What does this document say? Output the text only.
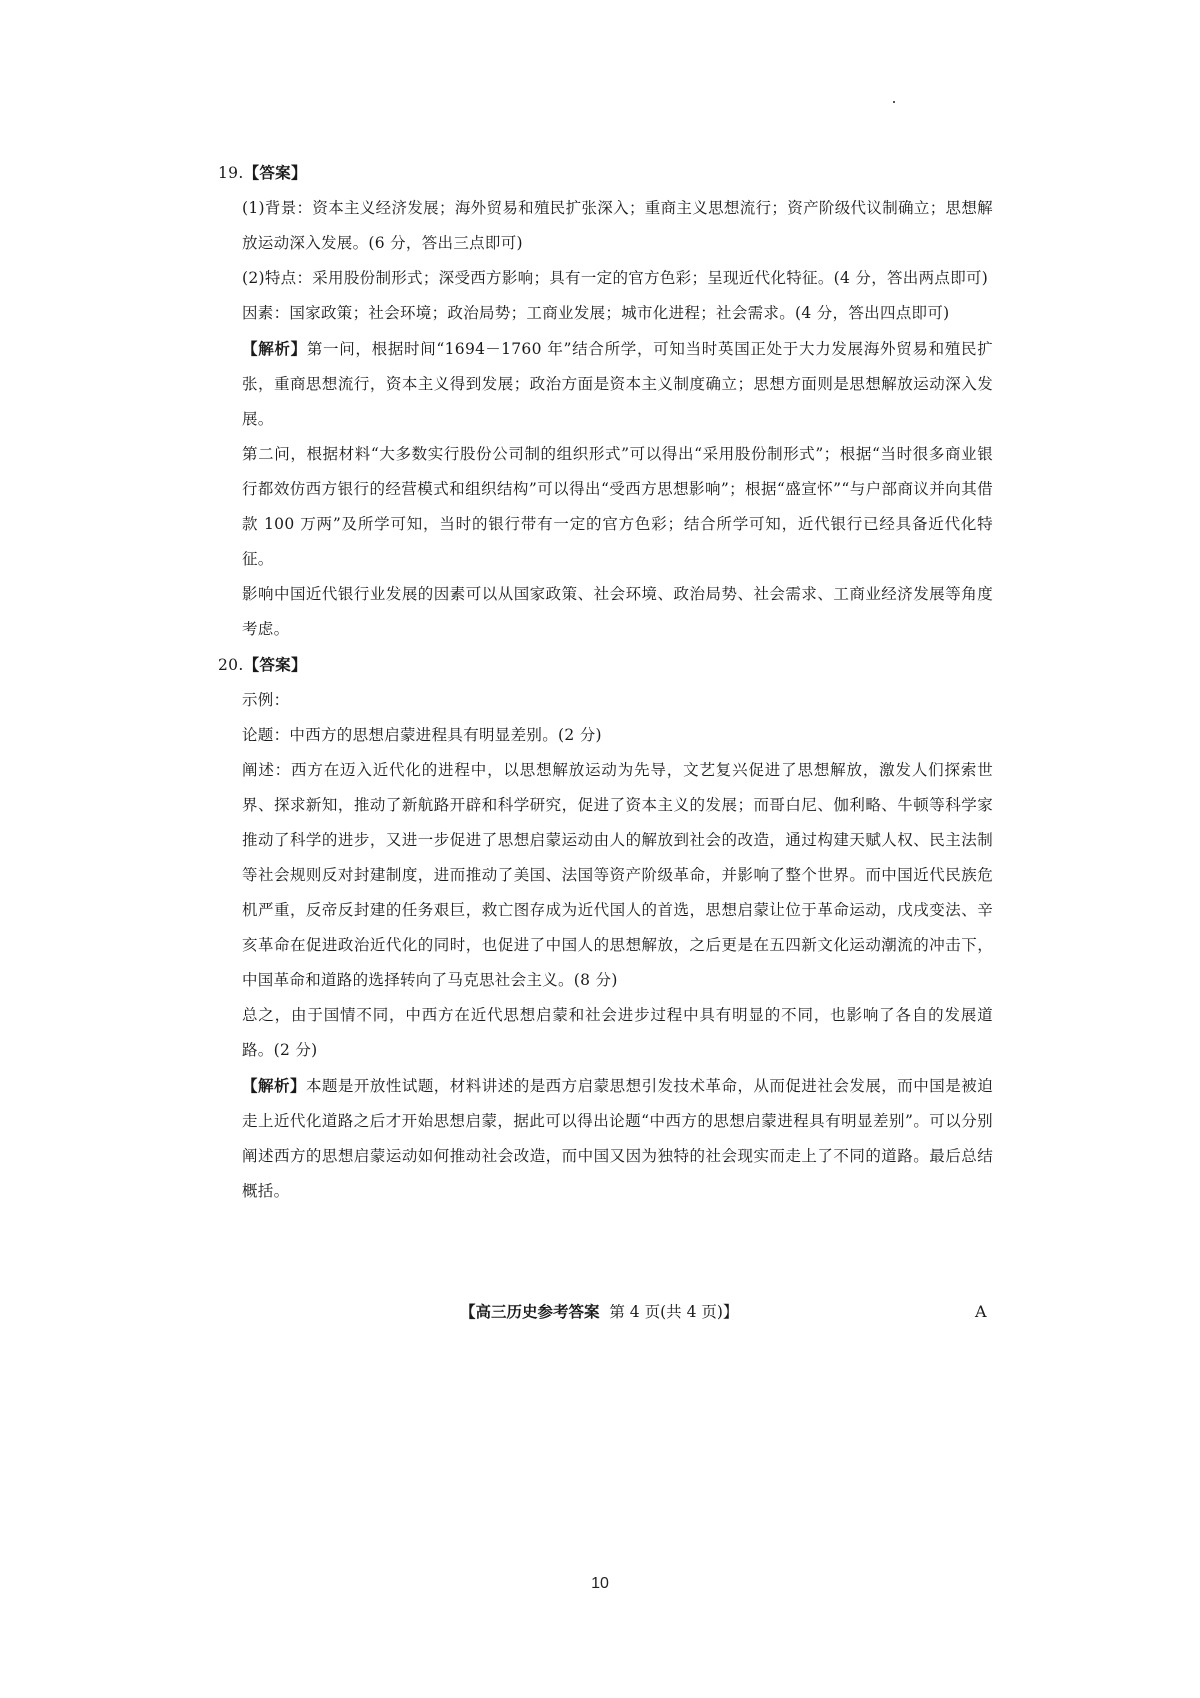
19.【答案】

(1)背景：资本主义经济发展；海外贸易和殖民扩张深入；重商主义思想流行；资产阶级代议制确立；思想解放运动深入发展。(6 分，答出三点即可)

(2)特点：采用股份制形式；深受西方影响；具有一定的官方色彩；呈现近代化特征。(4 分，答出两点即可)

因素：国家政策；社会环境；政治局势；工商业发展；城市化进程；社会需求。(4 分，答出四点即可)

【解析】第一问，根据时间“1694－1760 年”结合所学，可知当时英国正处于大力发展海外贸易和殖民扩张，重商思想流行，资本主义得到发展；政治方面是资本主义制度确立；思想方面则是思想解放运动深入发展。

第二问，根据材料“大多数实行股份公司制的组织形式”可以得出“采用股份制形式”；根据“当时很多商业银行都效仿西方银行的经营模式和组织结构”可以得出“受西方思想影响”；根据“盛宣怀”“与户部商议并向其借款 100 万两”及所学可知，当时的银行带有一定的官方色彩；结合所学可知，近代银行已经具备近代化特征。

影响中国近代银行业发展的因素可以从国家政策、社会环境、政治局势、社会需求、工商业经济发展等角度考虑。

20.【答案】

示例：

论题：中西方的思想启蒙进程具有明显差别。(2 分)

阐述：西方在迈入近代化的进程中，以思想解放运动为先导，文艺复兴促进了思想解放，激发人们探索世界、探求新知，推动了新航路开辟和科学研究，促进了资本主义的发展；而哥白尼、伽利略、牛顿等科学家推动了科学的进步，又进一步促进了思想启蒙运动由人的解放到社会的改造，通过构建天赋人权、民主法制等社会规则反对封建制度，进而推动了美国、法国等资产阶级革命，并影响了整个世界。而中国近代民族危机严重，反帝反封建的任务艰巨，救亡图存成为近代国人的首选，思想启蒙让位于革命运动，戊戌变法、辛亥革命在促进政治近代化的同时，也促进了中国人的思想解放，之后更是在五四新文化运动潮流的冲击下，中国革命和道路的选择转向了马克思社会主义。(8 分)

总之，由于国情不同，中西方在近代思想启蒙和社会进步过程中具有明显的不同，也影响了各自的发展道路。(2 分)

【解析】本题是开放性试题，材料讲述的是西方启蒙思想引发技术革命，从而促进社会发展，而中国是被迫走上近代化道路之后才开始思想启蒙，据此可以得出论题“中西方的思想启蒙进程具有明显差别”。可以分别阐述西方的思想启蒙运动如何推动社会改造，而中国又因为独特的社会现实而走上了不同的道路。最后总结概括。

【高三历史参考答案 第 4 页(共 4 页)】	A
10
